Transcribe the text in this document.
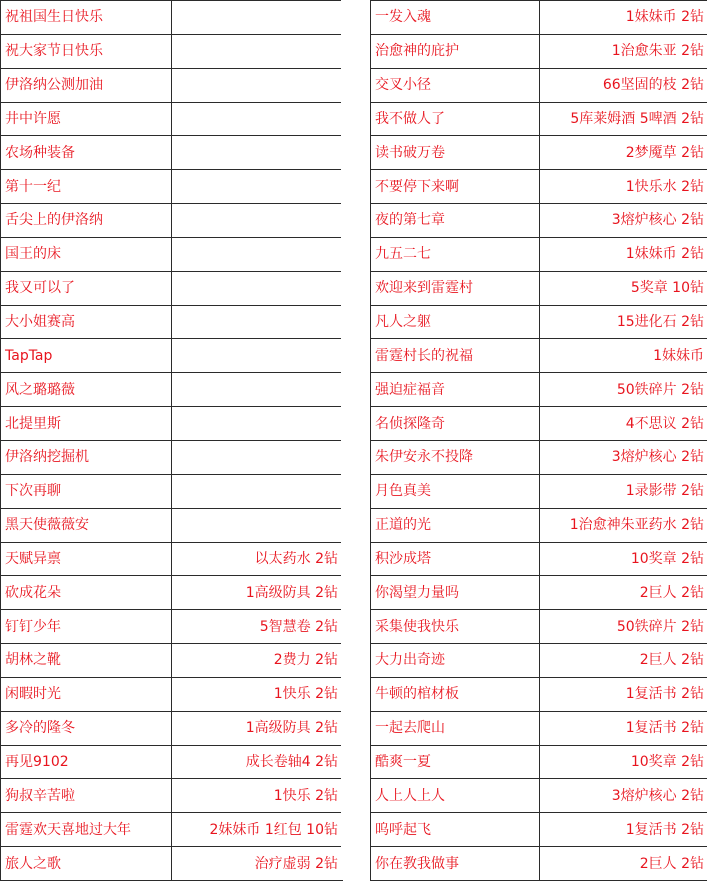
祝祖国生日快乐	
祝大家节日快乐	
伊洛纳公测加油	
井中许愿	
农场种装备	
第十一纪	
舌尖上的伊洛纳	
国王的床	
我又可以了	
大小姐赛高	
TapTap	
风之璐璐薇	
北提里斯	
伊洛纳挖掘机	
下次再聊	
黑天使薇薇安	
天赋异禀	以太药水 2钻
砍成花朵	1高级防具 2钻
钉钉少年	5智慧卷 2钻
胡林之靴	2费力 2钻
闲暇时光	1快乐 2钻
多冷的隆冬	1高级防具 2钻
再见9102	成长卷轴4 2钻
狗叔辛苦啦	1快乐 2钻
雷霆欢天喜地过大年	2妹妹币 1红包 10钻
旅人之歌	治疗虚弱 2钻
一发入魂	1妹妹币 2钻
治愈神的庇护	1治愈朱亚 2钻
交叉小径	66坚固的枝 2钻
我不做人了	5库莱姆酒 5啤酒 2钻
读书破万卷	2梦魇草 2钻
不要停下来啊	1快乐水 2钻
夜的第七章	3熔炉核心 2钻
九五二七	1妹妹币 2钻
欢迎来到雷霆村	5奖章 10钻
凡人之躯	15进化石 2钻
雷霆村长的祝福	1妹妹币
强迫症福音	50铁碎片 2钻
名侦探隆奇	4不思议 2钻
朱伊安永不投降	3熔炉核心 2钻
月色真美	1录影带 2钻
正道的光	1治愈神朱亚药水 2钻
积沙成塔	10奖章 2钻
你渴望力量吗	2巨人 2钻
采集使我快乐	50铁碎片 2钻
大力出奇迹	2巨人 2钻
牛顿的棺材板	1复活书 2钻
一起去爬山	1复活书 2钻
酷爽一夏	10奖章 2钻
人上人上人	3熔炉核心 2钻
呜呼起飞	1复活书 2钻
你在教我做事	2巨人 2钻
